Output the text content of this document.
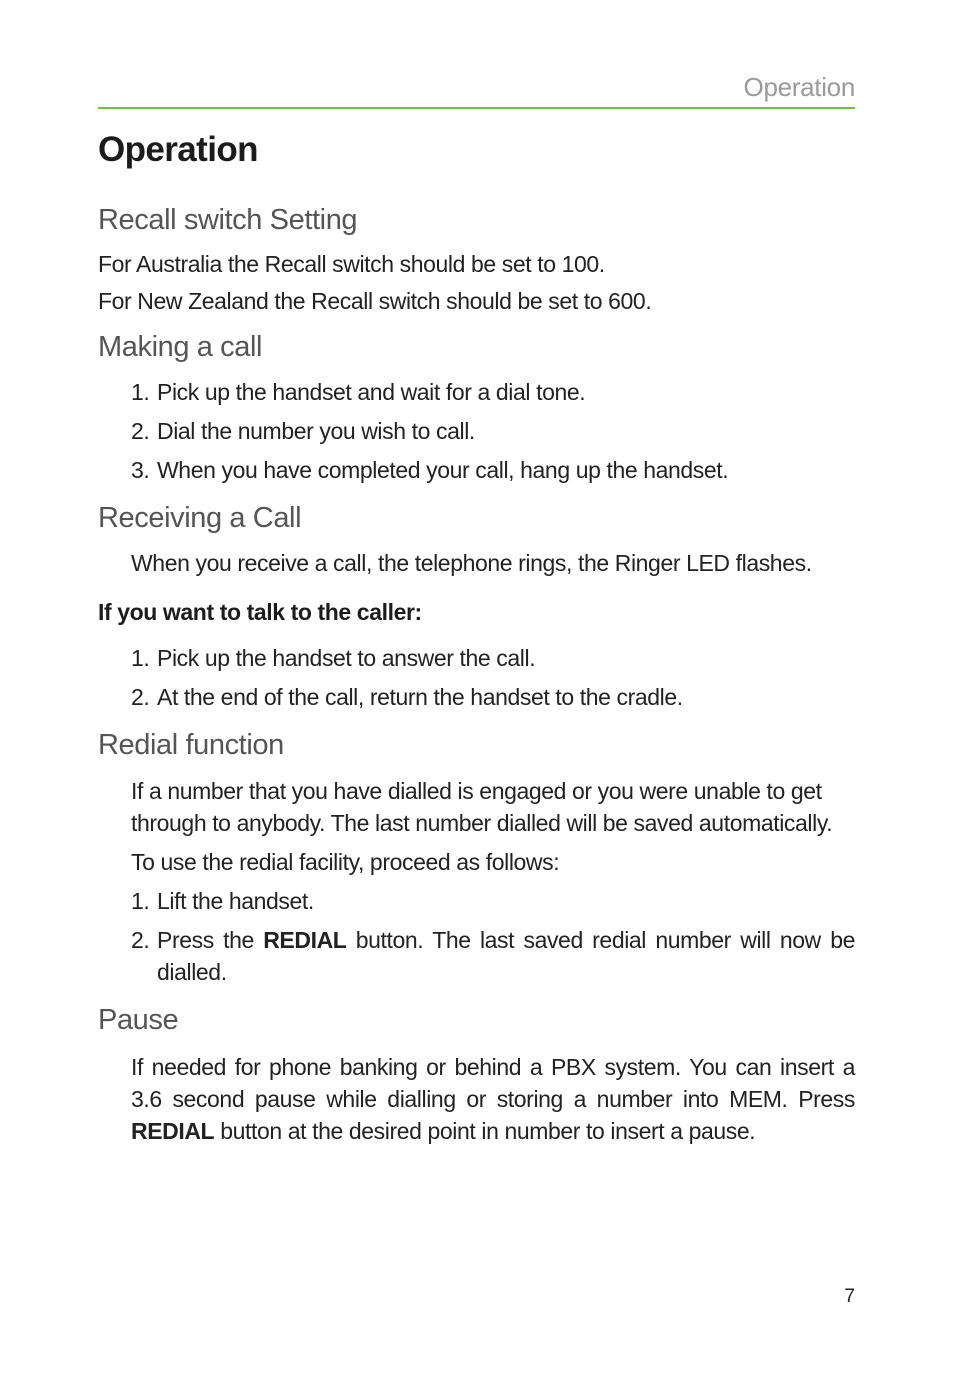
Operation
Operation
Recall switch Setting

For Australia the Recall switch should be set to 100.

For New Zealand the Recall switch should be set to 600.

Making a call
1. Pick up the handset and wait for a dial tone.
2. Dial the number you wish to call.
3. When you have completed your call, hang up the handset.
Receiving a Call

When you receive a call, the telephone rings, the Ringer LED flashes.

If you want to talk to the caller:
1. Pick up the handset to answer the call.
2. At the end of the call, return the handset to the cradle.
Redial function

If a number that you have dialled is engaged or you were unable to get through to anybody. The last number dialled will be saved automatically.

To use the redial facility, proceed as follows:

1. Lift the handset.
2. Press the REDIAL button. The last saved redial number will now be dialled.
Pause

If needed for phone banking or behind a PBX system. You can insert a 3.6 second pause while dialling or storing a number into MEM. Press REDIAL button at the desired point in number to insert a pause.

7
